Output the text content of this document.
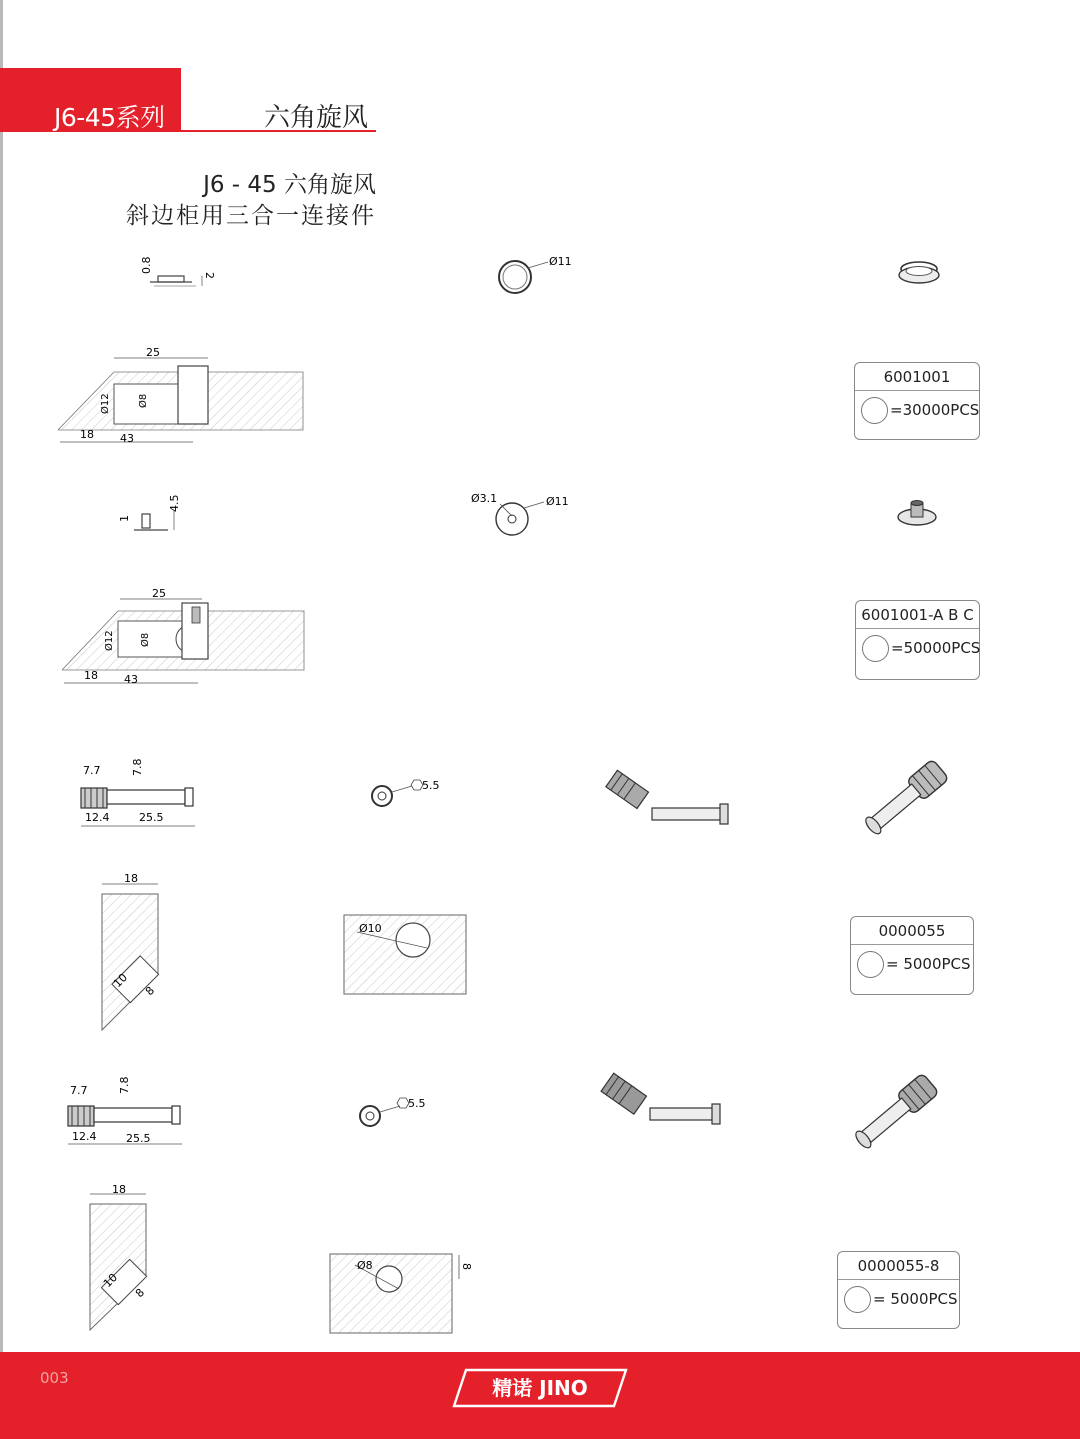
J6-45系列	六角旋风
J6 - 45 六角旋风
斜边柜用三合一连接件
0.8
2
Ø11
25
Ø12	Ø8
18 43
6001001
=30000PCS
1
4.5	Ø3.1	Ø11
25
Ø12	Ø8
18 43
6001001-A B C
=50000PCS
7.7	7.8
12.4	25.5
5.5
18
10
8
Ø10	0000055
= 5000PCS
7.7	7.8
12.4	25.5
5.5
18
10
8
Ø8	8	0000055-8
= 5000PCS
003	精诺 JINO
